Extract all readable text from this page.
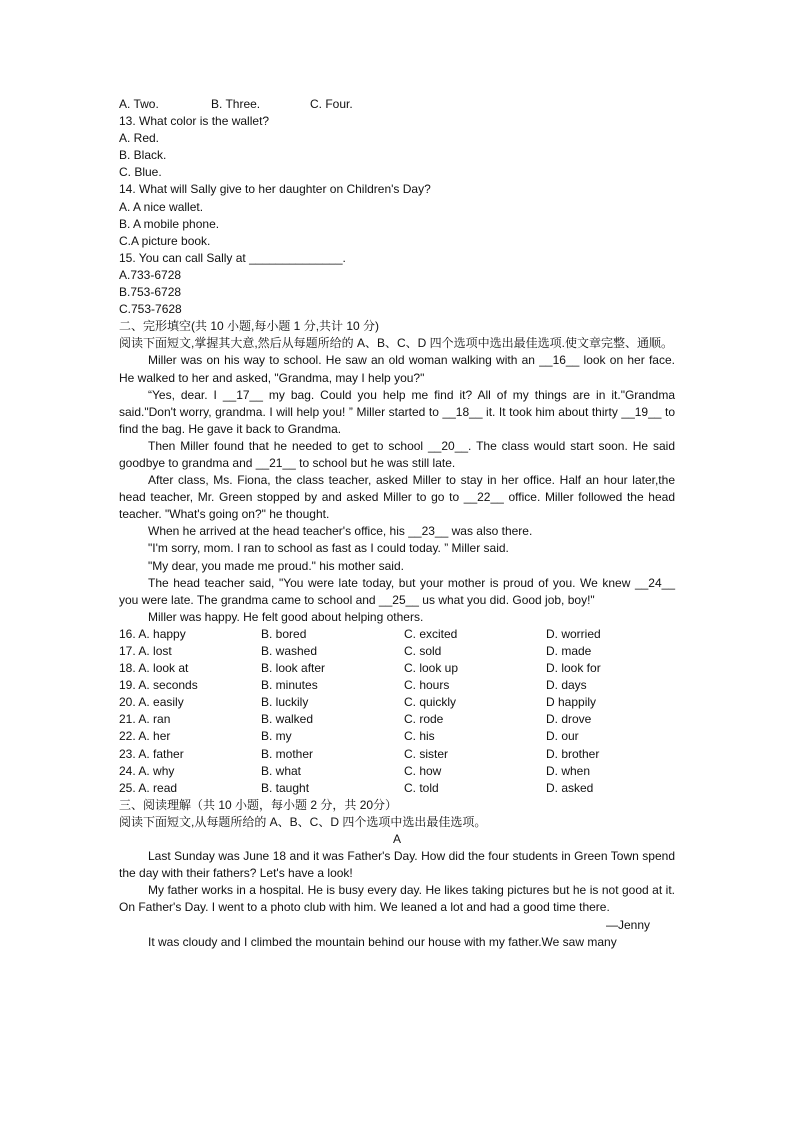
A. Two.	B. Three.	C. Four.
13. What color is the wallet?
A. Red.
B. Black.
C. Blue.
14. What will Sally give to her daughter on Children's Day?
A. A nice wallet.
B. A mobile phone.
C.A picture book.
15. You can call Sally at ______________.
A.733-6728
B.753-6728
C.753-7628
二、完形填空(共 10 小题,每小题 1 分,共计 10 分)
阅读下面短文,掌握其大意,然后从每题所给的 A、B、C、D 四个选项中选出最佳选项.使文章完整、通顺。
Miller was on his way to school. He saw an old woman walking with an __16__ look on her face. He walked to her and asked, "Grandma, may I help you?"
“Yes, dear. I __17__ my bag. Could you help me find it? All of my things are in it."Grandma said."Don't worry, grandma. I will help you! ” Miller started to __18__ it. It took him about thirty __19__ to find the bag. He gave it back to Grandma.
Then Miller found that he needed to get to school __20__. The class would start soon. He said goodbye to grandma and __21__ to school but he was still late.
After class, Ms. Fiona, the class teacher, asked Miller to stay in her office. Half an hour later,the head teacher, Mr. Green stopped by and asked Miller to go to __22__ office. Miller followed the head teacher. "What's going on?" he thought.
When he arrived at the head teacher's office, his __23__ was also there.
"I'm sorry, mom. I ran to school as fast as I could today. ” Miller said.
"My dear, you made me proud." his mother said.
The head teacher said, "You were late today, but your mother is proud of you. We knew __24__ you were late. The grandma came to school and __25__ us what you did. Good job, boy!"
Miller was happy. He felt good about helping others.
16. A. happy	B. bored	C. excited	D. worried
17. A. lost	B. washed	C. sold	D. made
18. A. look at	B. look after	C. look up	D. look for
19. A. seconds	B. minutes	C. hours	D. days
20. A. easily	B. luckily	C. quickly	D happily
21. A. ran	B. walked	C. rode	D. drove
22. A. her	B. my	C. his	D. our
23. A. father	B. mother	C. sister	D. brother
24. A. why	B. what	C. how	D. when
25. A. read	B. taught	C. told	D. asked
三、阅读理解（共 10 小题，每小题 2 分，共 20分）
阅读下面短文,从每题所给的 A、B、C、D 四个选项中选出最佳选项。
A
Last Sunday was June 18 and it was Father's Day. How did the four students in Green Town spend the day with their fathers? Let's have a look!
My father works in a hospital. He is busy every day. He likes taking pictures but he is not good at it. On Father's Day. I went to a photo club with him. We leaned a lot and had a good time there.
—Jenny
It was cloudy and I climbed the mountain behind our house with my father.We saw many
